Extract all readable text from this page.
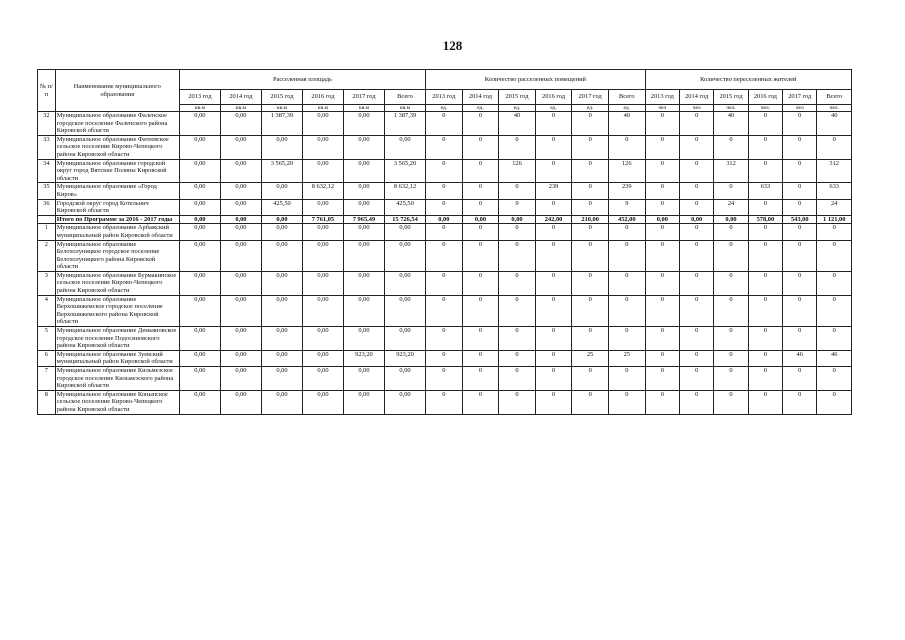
128
№ п/п	Наименование муниципального образования	Расселенная площадь						Количество расселенных помещений						Количество переселенных жителей					
		2013 год	2014 год	2015 год	2016 год	2017 год	Всего	2013 год	2014 год	2015 год	2016 год	2017 год	Всего	2013 год	2014 год	2015 год	2016 год	2017 год	Всего
		кв.м	кв.м	кв.м	кв.м	кв.м	кв.м	ед.	ед.	ед.	ед.	ед.	ед.	чел	чел	чел.	чел.	чел	чел.
32	Муниципальное образование Фаленское городское поселение Фаленского района Кировской области	0,00	0,00	1 387,39	0,00	0,00	1 387,39	0	0	40	0	0	40	0	0	40	0	0	40
33	Муниципальное образование Фатеевское сельское поселение Кирово-Чепецкого района Кировской области	0,00	0,00	0,00	0,00	0,00	0,00	0	0	0	0	0	0	0	0	0	0	0	0
34	Муниципальное образование городской округ город Вятские Поляны Кировской области	0,00	0,00	3 565,20	0,00	0,00	3 565,20	0	0	126	0	0	126	0	0	312	0	0	312
35	Муниципальное образование «Город Киров»	0,00	0,00	0,00	8 632,12	0,00	8 632,12	0	0	0	239	0	239	0	0	0	633	0	633
36	Городской округ город Котельнич Кировской области	0,00	0,00	425,50	0,00	0,00	425,50	0	0	9	0	0	9	0	0	24	0	0	24
	Итого по Программе за 2016 - 2017 годы	0,00	0,00	0,00	7 761,05	7 965,49	15 726,54	0,00	0,00	0,00	242,00	210,00	452,00	0,00	0,00	0,00	578,00	543,00	1 121,00
1	Муниципальное образование Арбажский муниципальный район Кировской области	0,00	0,00	0,00	0,00	0,00	0,00	0	0	0	0	0	0	0	0	0	0	0	0
2	Муниципальное образование Белохолуницкое городское поселение Белохолуницкого района Кировской области	0,00	0,00	0,00	0,00	0,00	0,00	0	0	0	0	0	0	0	0	0	0	0	0
3	Муниципальное образование Бурмакинское сельское поселение Кирово-Чепецкого района Кировской области	0,00	0,00	0,00	0,00	0,00	0,00	0	0	0	0	0	0	0	0	0	0	0	0
4	Муниципальное образование Верхошижемское городское поселение Верхошижемского района Кировской области	0,00	0,00	0,00	0,00	0,00	0,00	0	0	0	0	0	0	0	0	0	0	0	0
5	Муниципальное образование Демьяновское городское поселение Подосиновского района Кировской области	0,00	0,00	0,00	0,00	0,00	0,00	0	0	0	0	0	0	0	0	0	0	0	0
6	Муниципальное образование Зуевский муниципальный район Кировской области	0,00	0,00	0,00	0,00	923,20	923,20	0	0	0	0	25	25	0	0	0	0	46	46
7	Муниципальное образование Кильмезское городское поселение Кильмезского района Кировской области	0,00	0,00	0,00	0,00	0,00	0,00	0	0	0	0	0	0	0	0	0	0	0	0
8	Муниципальное образование Коныпское сельское поселение Кирово-Чепецкого района Кировской области	0,00	0,00	0,00	0,00	0,00	0,00	0	0	0	0	0	0	0	0	0	0	0	0
